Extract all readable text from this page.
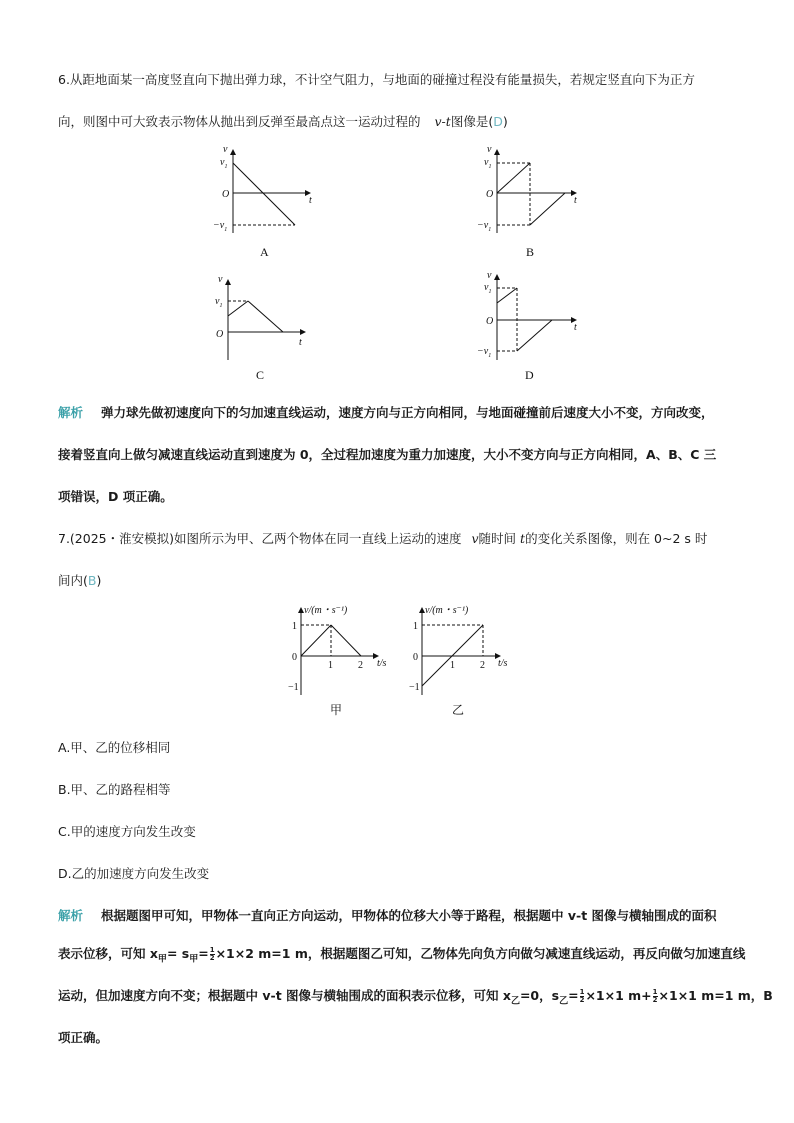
6.从距地面某一高度竖直向下抛出弹力球，不计空气阻力，与地面的碰撞过程没有能量损失，若规定竖直向下为正方
向，则图中可大致表示物体从抛出到反弹至最高点这一运动过程的 v-t图像是(D)
v
$v_1$
O
t
$-v_1$
A
v
$v_1$
O
t
$-v_1$
B
v
$v_1$
O
t
C
v
$v_1$
O
t
$-v_1$
D
解析 弹力球先做初速度向下的匀加速直线运动，速度方向与正方向相同，与地面碰撞前后速度大小不变，方向改变，
接着竖直向上做匀减速直线运动直到速度为 0，全过程加速度为重力加速度，大小不变方向与正方向相同，A、B、C 三
项错误，D 项正确。
7.(2025・淮安模拟)如图所示为甲、乙两个物体在同一直线上运动的速度 v随时间 t的变化关系图像，则在 0~2 s 时
间内(B)
v/(m・s⁻¹)
1
0
−1
1	2 t/s
甲
v/(m・s⁻¹)
1
0
−1
1	2 t/s
乙
A.甲、乙的位移相同
B.甲、乙的路程相等
C.甲的速度方向发生改变
D.乙的加速度方向发生改变
解析 根据题图甲可知，甲物体一直向正方向运动，甲物体的位移大小等于路程，根据题中 v-t 图像与横轴围成的面积
表示位移，可知 $x_甲= s_甲= \frac{1}{2} \times 1\times 2$ m=1 m，根据题图乙可知，乙物体先向负方向做匀减速直线运动，再反向做匀加速直线
运动，但加速度方向不变；根据题中 v-t 图像与横轴围成的面积表示位移，可知 $x_乙=0$，$s_乙= \frac{1}{2} \times 1\times 1$ $m+ \frac{1}{2} \times 1\times 1$ m=1 m，B
项正确。
